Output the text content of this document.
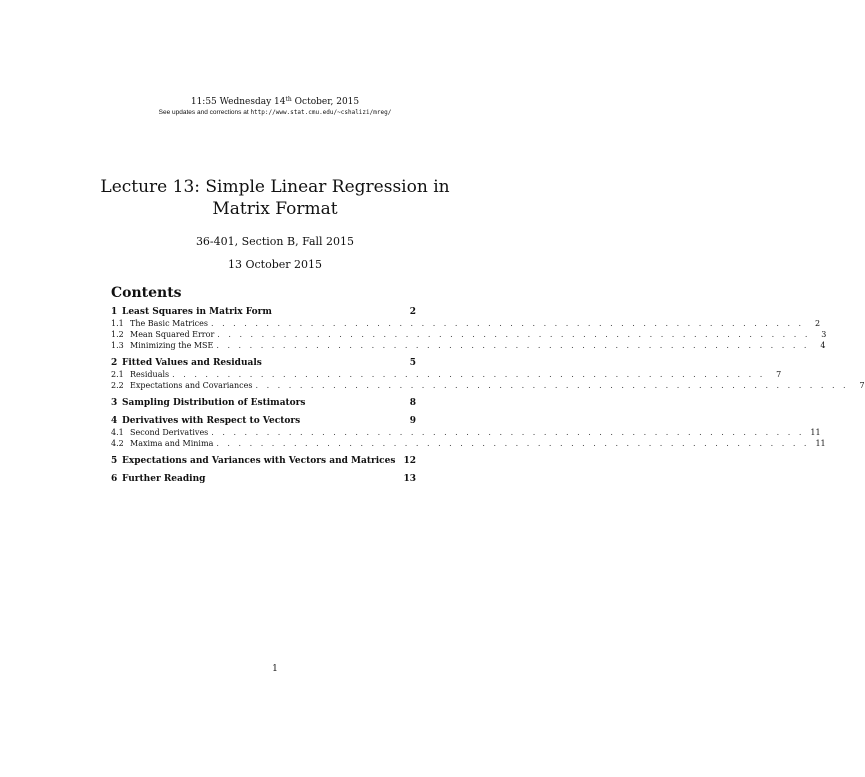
11:55 Wednesday 14th October, 2015
See updates and corrections at http://www.stat.cmu.edu/~cshalizi/mreg/
Lecture 13: Simple Linear Regression in Matrix Format
36-401, Section B, Fall 2015
13 October 2015
Contents
1 Least Squares in Matrix Form	2
1.1 The Basic Matrices . . . . . . . . . . . . . . . . . . . . . . . . . . . . . . . . . . . . . . . . . . . . . . . . . . . . . .	2
1.2 Mean Squared Error . . . . . . . . . . . . . . . . . . . . . . . . . . . . . . . . . . . . . . . . . . . . . . . . . . . . . .	3
1.3 Minimizing the MSE . . . . . . . . . . . . . . . . . . . . . . . . . . . . . . . . . . . . . . . . . . . . . . . . . . . . . .	4
2 Fitted Values and Residuals	5
2.1 Residuals . . . . . . . . . . . . . . . . . . . . . . . . . . . . . . . . . . . . . . . . . . . . . . . . . . . . . .	7
2.2 Expectations and Covariances . . . . . . . . . . . . . . . . . . . . . . . . . . . . . . . . . . . . . . . . . . . . . . . . . . . . . .	7
3 Sampling Distribution of Estimators	8
4 Derivatives with Respect to Vectors	9
4.1 Second Derivatives . . . . . . . . . . . . . . . . . . . . . . . . . . . . . . . . . . . . . . . . . . . . . . . . . . . . . . 11
4.2 Maxima and Minima . . . . . . . . . . . . . . . . . . . . . . . . . . . . . . . . . . . . . . . . . . . . . . . . . . . . . . 11
5 Expectations and Variances with Vectors and Matrices 12
6 Further Reading	13
1
